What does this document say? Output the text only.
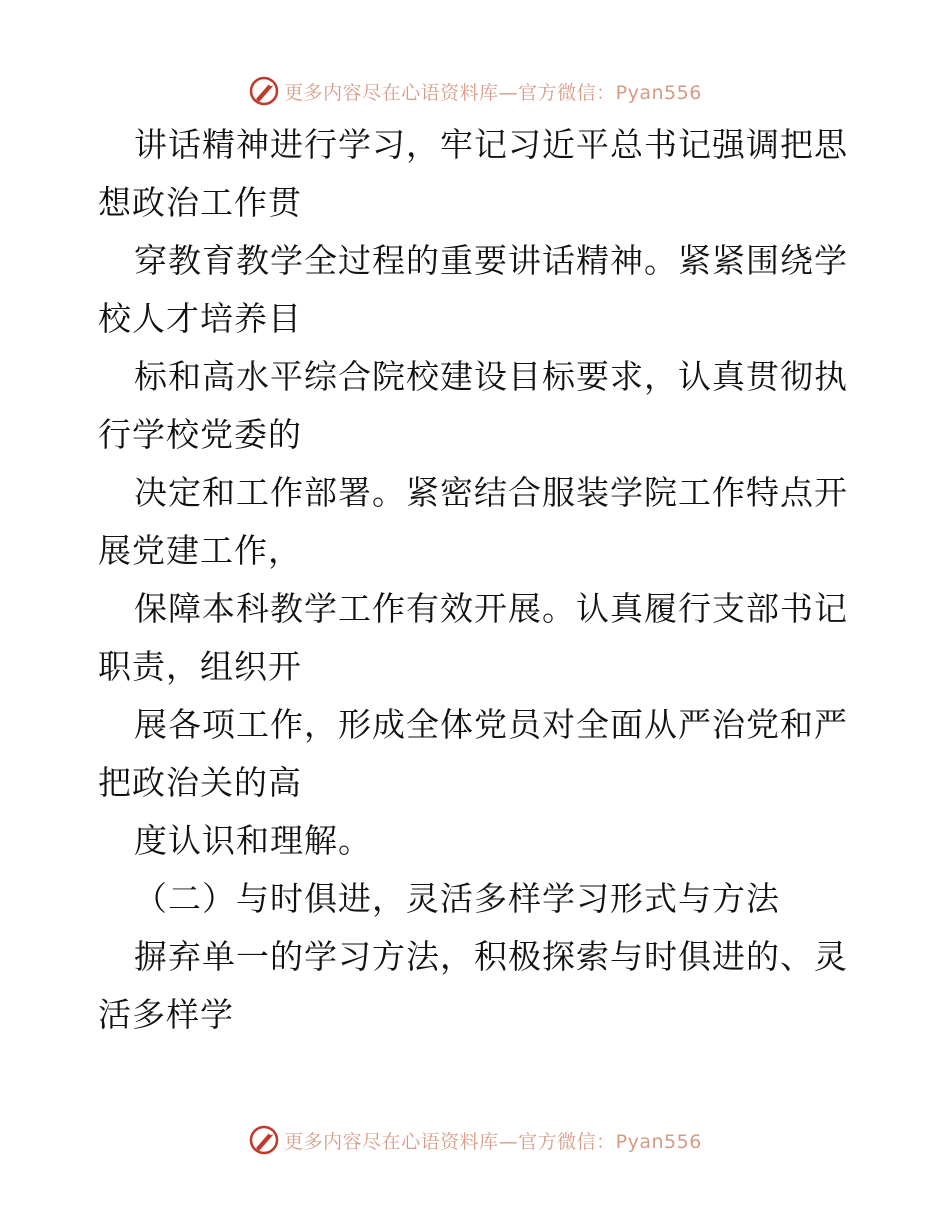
更多内容尽在心语资料库—官方微信：Pyan556
讲话精神进行学习，牢记习近平总书记强调把思
想政治工作贯
穿教育教学全过程的重要讲话精神。紧紧围绕学
校人才培养目
标和高水平综合院校建设目标要求，认真贯彻执
行学校党委的
决定和工作部署。紧密结合服装学院工作特点开
展党建工作，
保障本科教学工作有效开展。认真履行支部书记
职责，组织开
展各项工作，形成全体党员对全面从严治党和严
把政治关的高
度认识和理解。
（二）与时俱进，灵活多样学习形式与方法
摒弃单一的学习方法，积极探索与时俱进的、灵
活多样学
更多内容尽在心语资料库—官方微信：Pyan556
